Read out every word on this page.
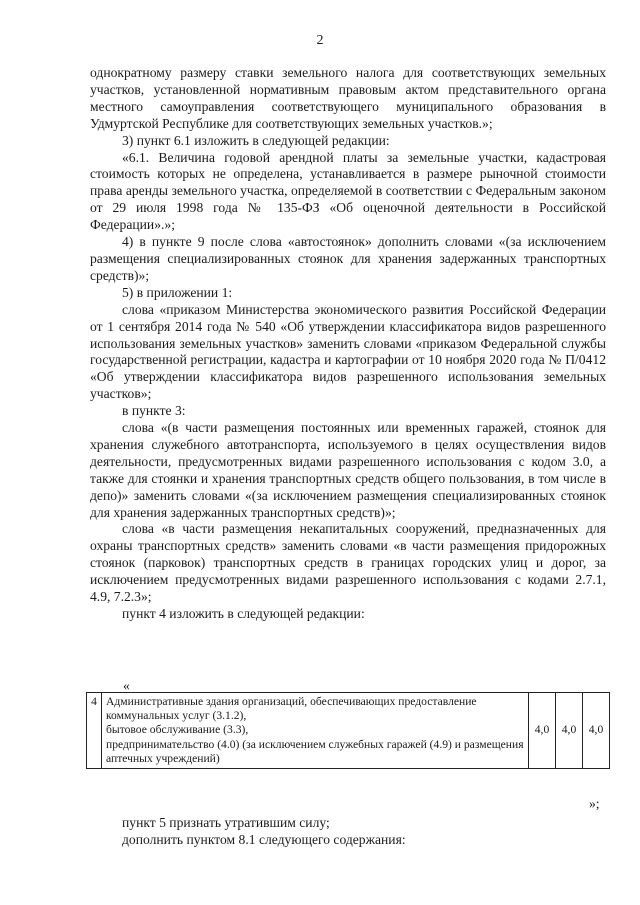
2

однократному размеру ставки земельного налога для соответствующих земельных участков, установленной нормативным правовым актом представительного органа местного самоуправления соответствующего муниципального образования в Удмуртской Республике для соответствующих земельных участков.»;

3) пункт 6.1 изложить в следующей редакции:

«6.1. Величина годовой арендной платы за земельные участки, кадастровая стоимость которых не определена, устанавливается в размере рыночной стоимости права аренды земельного участка, определяемой в соответствии с Федеральным законом от 29 июля 1998 года № 135-ФЗ «Об оценочной деятельности в Российской Федерации».»;

4) в пункте 9 после слова «автостоянок» дополнить словами «(за исключением размещения специализированных стоянок для хранения задержанных транспортных средств)»;

5) в приложении 1:

слова «приказом Министерства экономического развития Российской Федерации от 1 сентября 2014 года № 540 «Об утверждении классификатора видов разрешенного использования земельных участков» заменить словами «приказом Федеральной службы государственной регистрации, кадастра и картографии от 10 ноября 2020 года № П/0412 «Об утверждении классификатора видов разрешенного использования земельных участков»;

в пункте 3:

слова «(в части размещения постоянных или временных гаражей, стоянок для хранения служебного автотранспорта, используемого в целях осуществления видов деятельности, предусмотренных видами разрешенного использования с кодом 3.0, а также для стоянки и хранения транспортных средств общего пользования, в том числе в депо)» заменить словами «(за исключением размещения специализированных стоянок для хранения задержанных транспортных средств)»;

слова «в части размещения некапитальных сооружений, предназначенных для охраны транспортных средств» заменить словами «в части размещения придорожных стоянок (парковок) транспортных средств в границах городских улиц и дорог, за исключением предусмотренных видами разрешенного использования с кодами 2.7.1, 4.9, 7.2.3»;

пункт 4 изложить в следующей редакции:

«
4	Административные здания организаций, обеспечивающих предоставление коммунальных услуг (3.1.2),
бытовое обслуживание (3.3),
предпринимательство (4.0) (за исключением служебных гаражей (4.9) и размещения аптечных учреждений)
	4,0	4,0	4,0
»;

пункт 5 признать утратившим силу;

дополнить пунктом 8.1 следующего содержания:
